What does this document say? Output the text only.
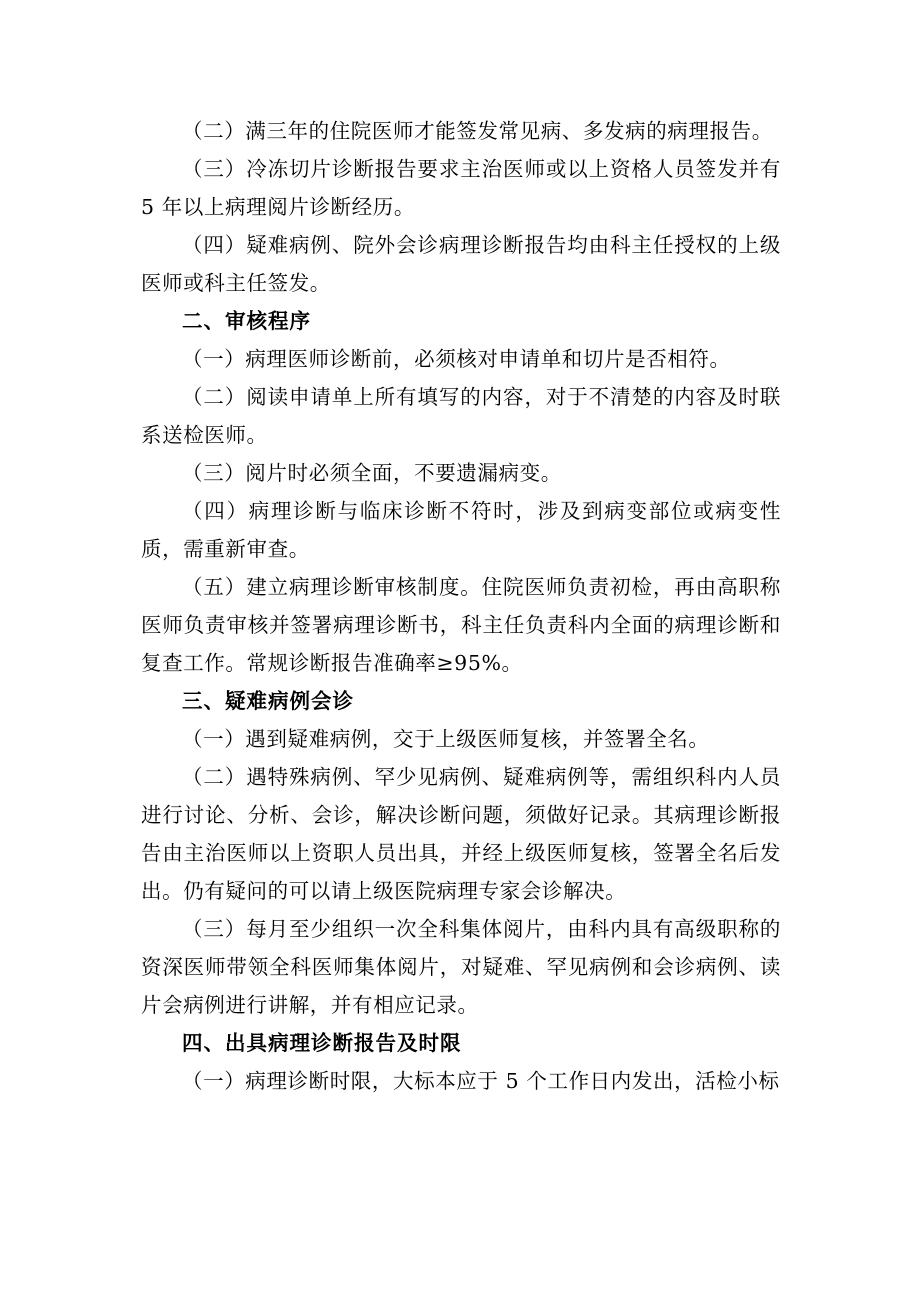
（二）满三年的住院医师才能签发常见病、多发病的病理报告。

（三）冷冻切片诊断报告要求主治医师或以上资格人员签发并有 5 年以上病理阅片诊断经历。

（四）疑难病例、院外会诊病理诊断报告均由科主任授权的上级医师或科主任签发。

二、审核程序

（一）病理医师诊断前，必须核对申请单和切片是否相符。

（二）阅读申请单上所有填写的内容，对于不清楚的内容及时联系送检医师。

（三）阅片时必须全面，不要遗漏病变。

（四）病理诊断与临床诊断不符时，涉及到病变部位或病变性质，需重新审查。

（五）建立病理诊断审核制度。住院医师负责初检，再由高职称医师负责审核并签署病理诊断书，科主任负责科内全面的病理诊断和复查工作。常规诊断报告准确率≥95%。

三、疑难病例会诊

（一）遇到疑难病例，交于上级医师复核，并签署全名。

（二）遇特殊病例、罕少见病例、疑难病例等，需组织科内人员进行讨论、分析、会诊，解决诊断问题，须做好记录。其病理诊断报告由主治医师以上资职人员出具，并经上级医师复核，签署全名后发出。仍有疑问的可以请上级医院病理专家会诊解决。

（三）每月至少组织一次全科集体阅片，由科内具有高级职称的资深医师带领全科医师集体阅片，对疑难、罕见病例和会诊病例、读片会病例进行讲解，并有相应记录。

四、出具病理诊断报告及时限

（一）病理诊断时限，大标本应于 5 个工作日内发出，活检小标
